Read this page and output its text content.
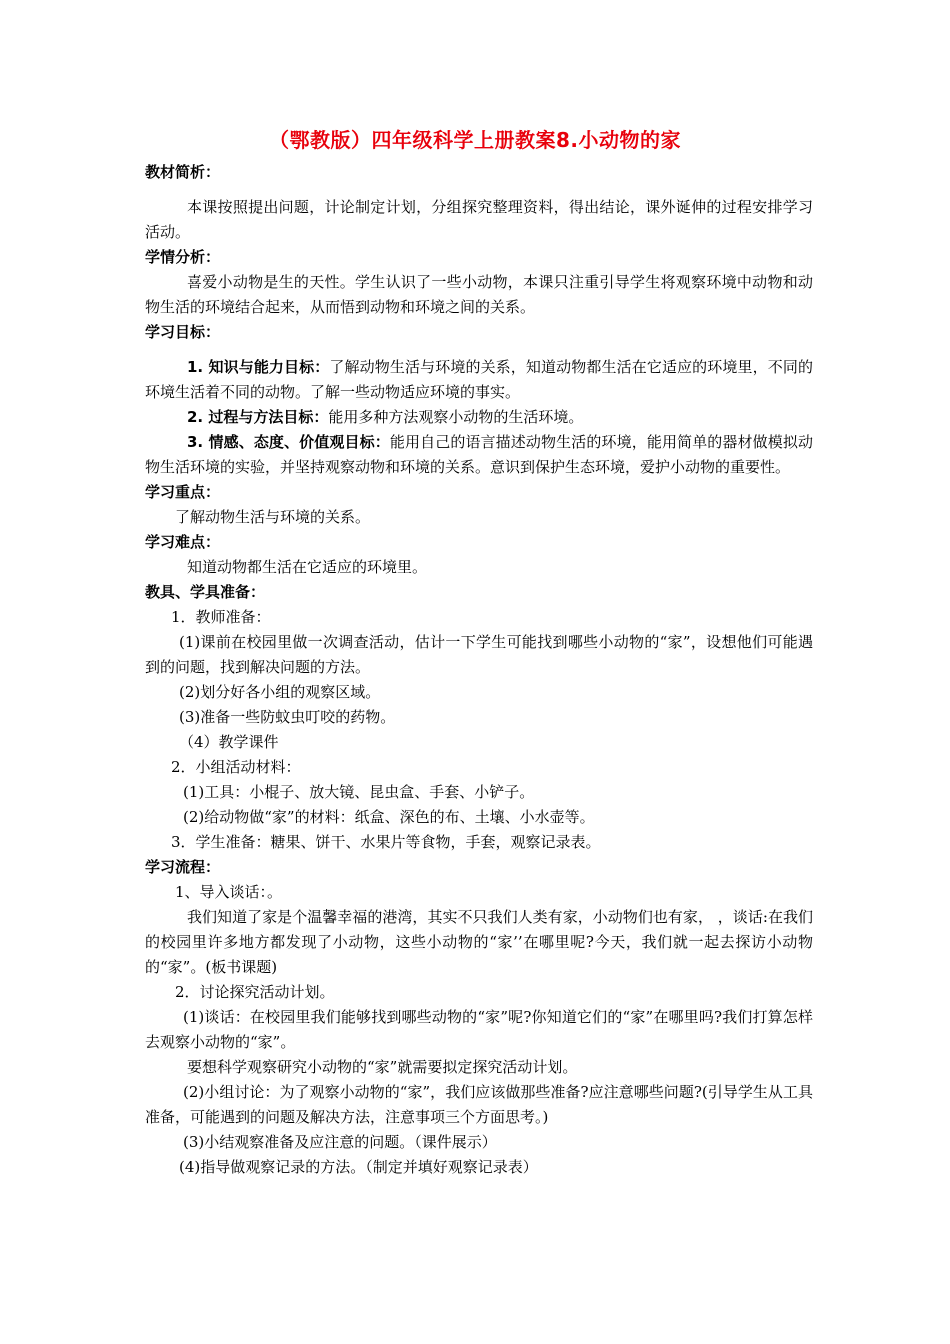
（鄂教版）四年级科学上册教案8.小动物的家

教材简析：

本课按照提出问题，计论制定计划，分组探究整理资料，得出结论，课外诞伸的过程安排学习活动。

学情分析：

喜爱小动物是生的天性。学生认识了一些小动物，本课只注重引导学生将观察环境中动物和动物生活的环境结合起来，从而悟到动物和环境之间的关系。

学习目标：

1. 知识与能力目标：了解动物生活与环境的关系，知道动物都生活在它适应的环境里，不同的环境生活着不同的动物。了解一些动物适应环境的事实。

2. 过程与方法目标：能用多种方法观察小动物的生活环境。

3. 情感、态度、价值观目标：能用自己的语言描述动物生活的环境，能用简单的器材做模拟动物生活环境的实验，并坚持观察动物和环境的关系。意识到保护生态环境，爱护小动物的重要性。

学习重点：

了解动物生活与环境的关系。

学习难点：

知道动物都生活在它适应的环境里。

教具、学具准备：

1．教师准备：

(1)课前在校园里做一次调查活动，估计一下学生可能找到哪些小动物的“家”，设想他们可能遇到的问题，找到解决问题的方法。

(2)划分好各小组的观察区域。

(3)准备一些防蚊虫叮咬的药物。

（4）教学课件

2．小组活动材料：

(1)工具：小棍子、放大镜、昆虫盒、手套、小铲子。

(2)给动物做“家”的材料：纸盒、深色的布、土壤、小水壶等。

3．学生准备：糖果、饼干、水果片等食物，手套，观察记录表。

学习流程：

1、导入谈话：。

我们知道了家是个温馨幸福的港湾，其实不只我们人类有家，小动物们也有家， ，谈话:在我们的校园里许多地方都发现了小动物，这些小动物的“家’’在哪里呢?今天，我们就一起去探访小动物的“家”。(板书课题)

2．讨论探究活动计划。

(1)谈话：在校园里我们能够找到哪些动物的“家”呢?你知道它们的“家”在哪里吗?我们打算怎样去观察小动物的“家”。

要想科学观察研究小动物的“家”就需要拟定探究活动计划。

(2)小组讨论：为了观察小动物的“家”，我们应该做那些准备?应注意哪些问题?(引导学生从工具准备，可能遇到的问题及解决方法，注意事项三个方面思考。)

(3)小结观察准备及应注意的问题。（课件展示）

(4)指导做观察记录的方法。（制定并填好观察记录表）
